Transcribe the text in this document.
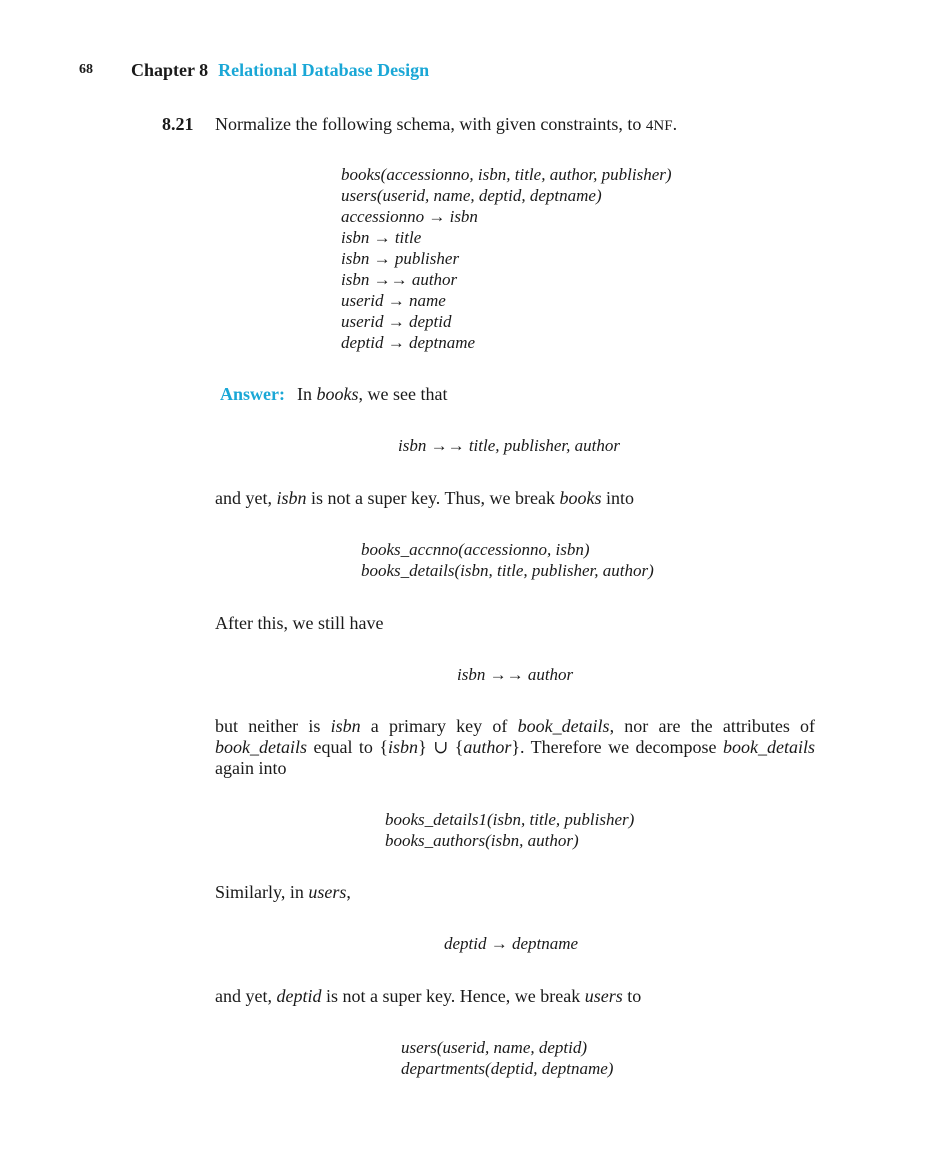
68 Chapter 8 Relational Database Design
8.21 Normalize the following schema, with given constraints, to 4NF.
books(accessionno, isbn, title, author, publisher)
users(userid, name, deptid, deptname)
accessionno → isbn
isbn → title
isbn → publisher
isbn →→ author
userid → name
userid → deptid
deptid → deptname
Answer: In books, we see that
isbn →→ title, publisher, author
and yet, isbn is not a super key. Thus, we break books into
books_accnno(accessionno, isbn)
books_details(isbn, title, publisher, author)
After this, we still have
isbn →→ author
but neither is isbn a primary key of book_details, nor are the attributes of book_details equal to {isbn} ∪ {author}. Therefore we decompose book_details again into
books_details1(isbn, title, publisher)
books_authors(isbn, author)
Similarly, in users,
deptid → deptname
and yet, deptid is not a super key. Hence, we break users to
users(userid, name, deptid)
departments(deptid, deptname)
